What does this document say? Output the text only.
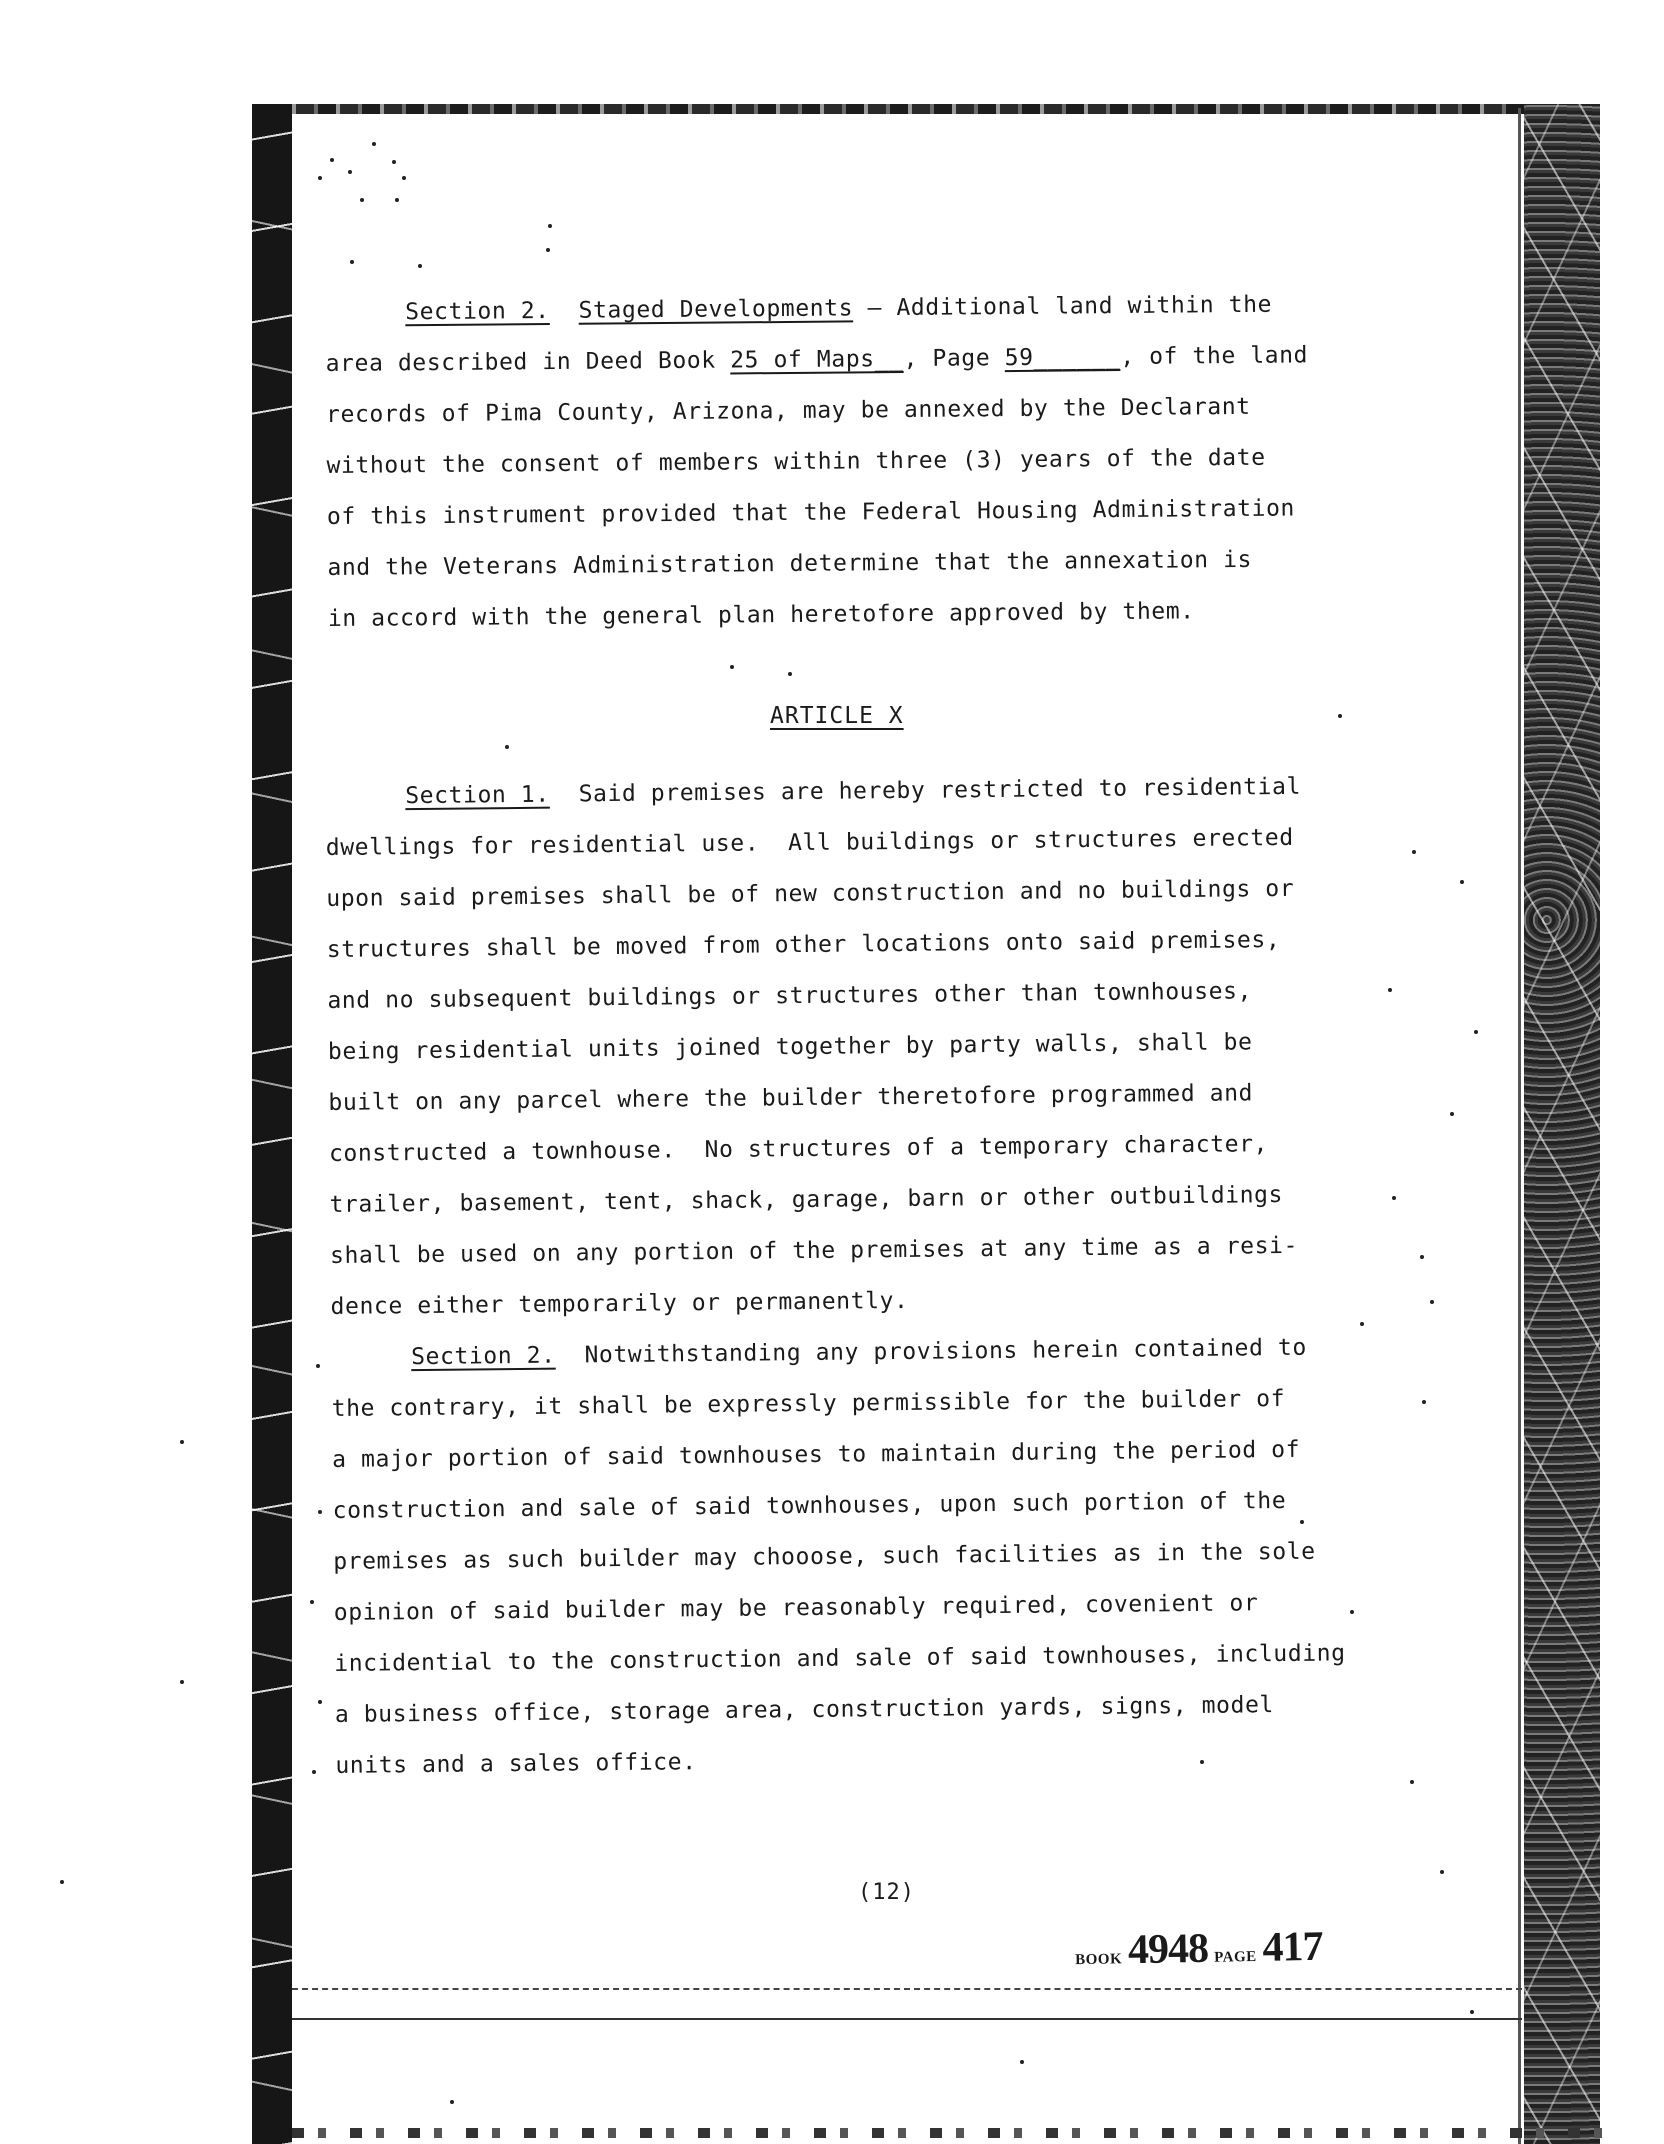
Section 2. Staged Developments — Additional land within the
area described in Deed Book 25 of Maps__, Page 59______, of the land
records of Pima County, Arizona, may be annexed by the Declarant
without the consent of members within three (3) years of the date
of this instrument provided that the Federal Housing Administration
and the Veterans Administration determine that the annexation is
in accord with the general plan heretofore approved by them.
ARTICLE X
Section 1.  Said premises are hereby restricted to residential
dwellings for residential use.  All buildings or structures erected
upon said premises shall be of new construction and no buildings or
structures shall be moved from other locations onto said premises,
and no subsequent buildings or structures other than townhouses,
being residential units joined together by party walls, shall be
built on any parcel where the builder theretofore programmed and
constructed a townhouse.  No structures of a temporary character,
trailer, basement, tent, shack, garage, barn or other outbuildings
shall be used on any portion of the premises at any time as a resi-
dence either temporarily or permanently.
Section 2.  Notwithstanding any provisions herein contained to
the contrary, it shall be expressly permissible for the builder of
a major portion of said townhouses to maintain during the period of
construction and sale of said townhouses, upon such portion of the
premises as such builder may chooose, such facilities as in the sole
opinion of said builder may be reasonably required, covenient or
incidential to the construction and sale of said townhouses, including
a business office, storage area, construction yards, signs, model
units and a sales office.
(12)
BOOK 4948 PAGE 417
